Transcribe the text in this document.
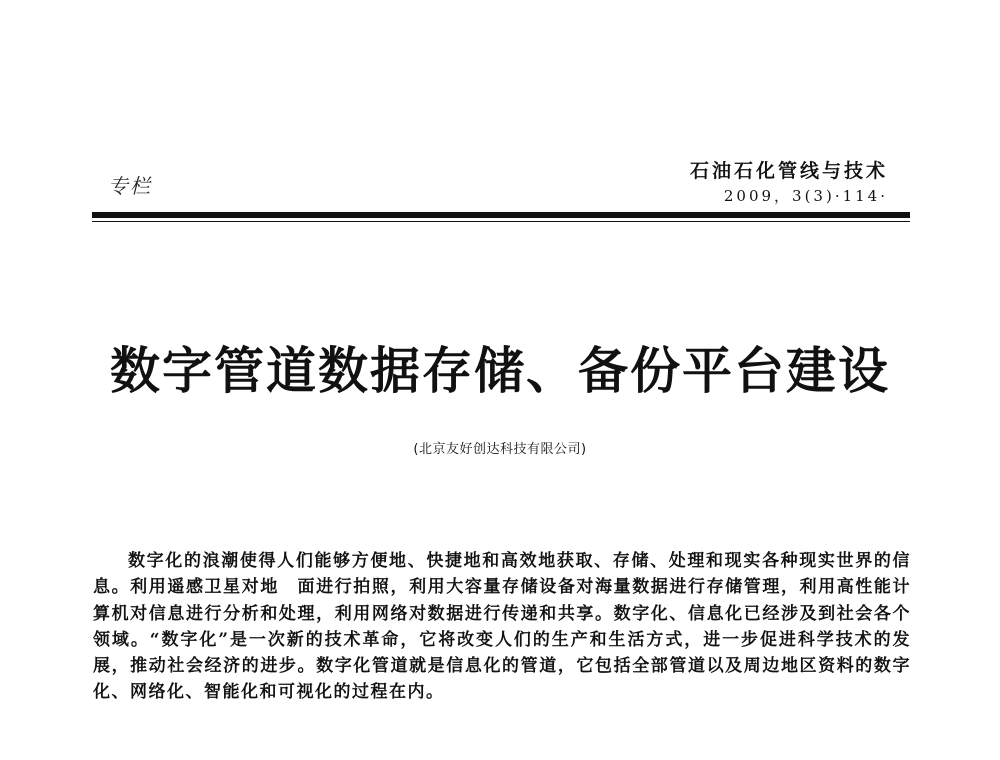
专栏
石油石化管线与技术
2009，3(3)·114·
数字管道数据存储、备份平台建设
(北京友好创达科技有限公司)

数字化的浪潮使得人们能够方便地、快捷地和高效地获取、存储、处理和现实各种现实世界的信息。利用遥感卫星对地　面进行拍照，利用大容量存储设备对海量数据进行存储管理，利用高性能计算机对信息进行分析和处理，利用网络对数据进行传递和共享。数字化、信息化已经涉及到社会各个领域。“数字化”是一次新的技术革命，它将改变人们的生产和生活方式，进一步促进科学技术的发展，推动社会经济的进步。数字化管道就是信息化的管道，它包括全部管道以及周边地区资料的数字化、网络化、智能化和可视化的过程在内。
